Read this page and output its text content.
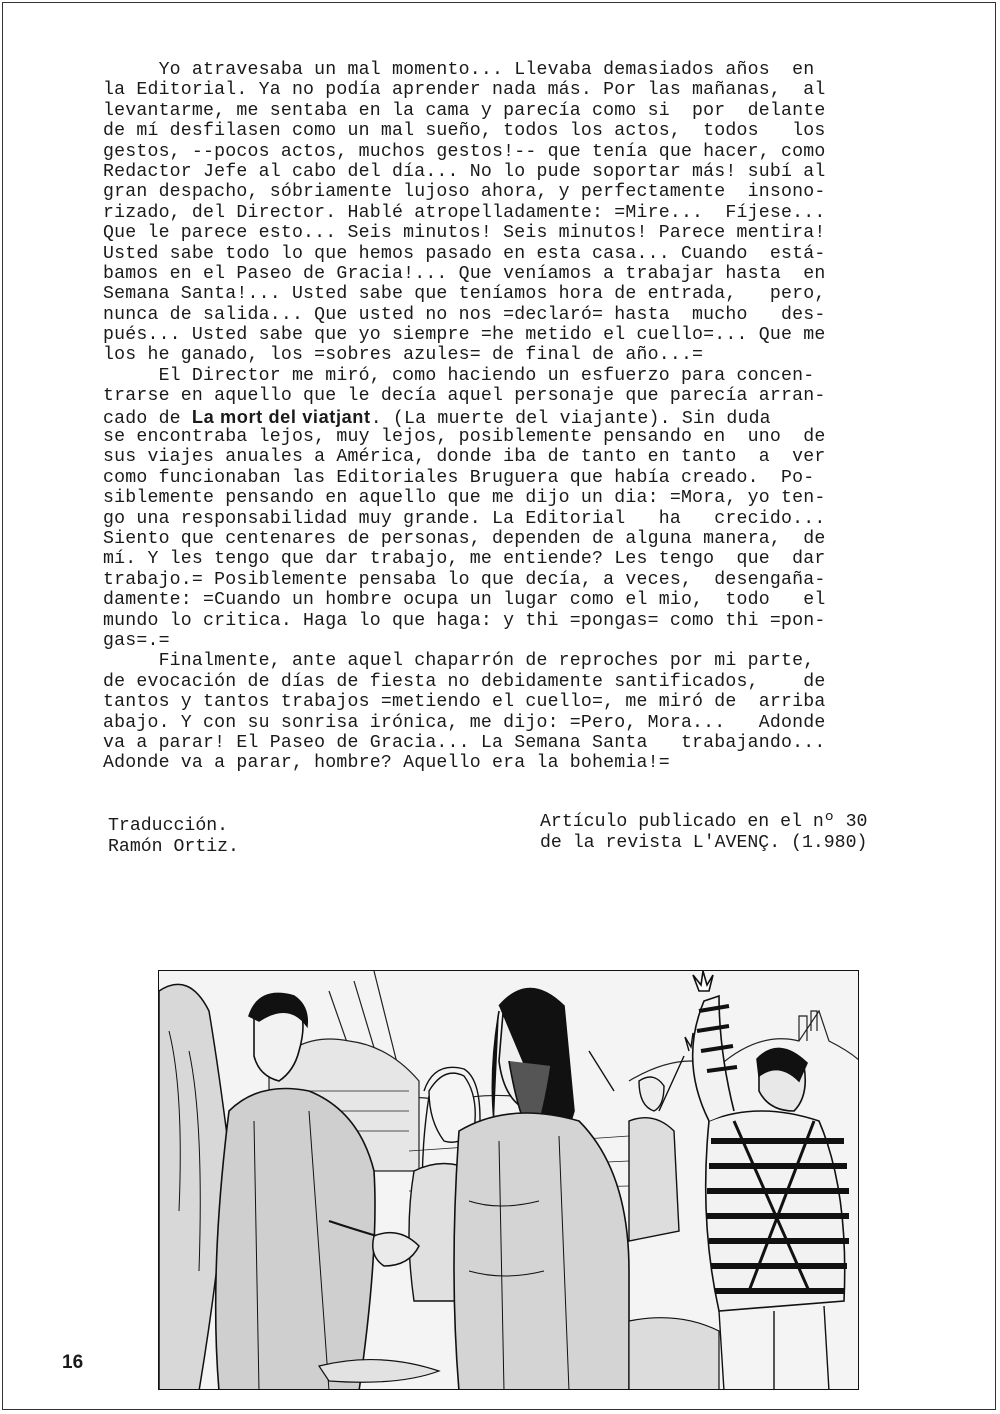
Yo atravesaba un mal momento... Llevaba demasiados años  en
la Editorial. Ya no podía aprender nada más. Por las mañanas,  al
levantarme, me sentaba en la cama y parecía como si  por  delante
de mí desfilasen como un mal sueño, todos los actos,  todos   los
gestos, --pocos actos, muchos gestos!-- que tenía que hacer, como
Redactor Jefe al cabo del día... No lo pude soportar más! subí al
gran despacho, sóbriamente lujoso ahora, y perfectamente  insono-
rizado, del Director. Hablé atropelladamente: =Mire...  Fíjese...
Que le parece esto... Seis minutos! Seis minutos! Parece mentira!
Usted sabe todo lo que hemos pasado en esta casa... Cuando  está-
bamos en el Paseo de Gracia!... Que veníamos a trabajar hasta  en
Semana Santa!... Usted sabe que teníamos hora de entrada,   pero,
nunca de salida... Que usted no nos =declaró= hasta  mucho   des-
pués... Usted sabe que yo siempre =he metido el cuello=... Que me
los he ganado, los =sobres azules= de final de año...=
El Director me miró, como haciendo un esfuerzo para concen-
trarse en aquello que le decía aquel personaje que parecía arran-
cado de La mort del viatjant. (La muerte del viajante). Sin duda
se encontraba lejos, muy lejos, posiblemente pensando en  uno  de
sus viajes anuales a América, donde iba de tanto en tanto  a  ver
como funcionaban las Editoriales Bruguera que había creado.  Po-
siblemente pensando en aquello que me dijo un dia: =Mora, yo ten-
go una responsabilidad muy grande. La Editorial   ha   crecido...
Siento que centenares de personas, dependen de alguna manera,  de
mí. Y les tengo que dar trabajo, me entiende? Les tengo  que  dar
trabajo.= Posiblemente pensaba lo que decía, a veces,  desengaña-
damente: =Cuando un hombre ocupa un lugar como el mio,  todo   el
mundo lo critica. Haga lo que haga: y thi =pongas= como thi =pon-
gas=.=
Finalmente, ante aquel chaparrón de reproches por mi parte,
de evocación de días de fiesta no debidamente santificados,    de
tantos y tantos trabajos =metiendo el cuello=, me miró de  arriba
abajo. Y con su sonrisa irónica, me dijo: =Pero, Mora...   Adonde
va a parar! El Paseo de Gracia... La Semana Santa   trabajando...
Adonde va a parar, hombre? Aquello era la bohemia!=
Traducción.
Ramón Ortiz.
Artículo publicado en el nº 30
de la revista L'AVENÇ. (1.980)
16
